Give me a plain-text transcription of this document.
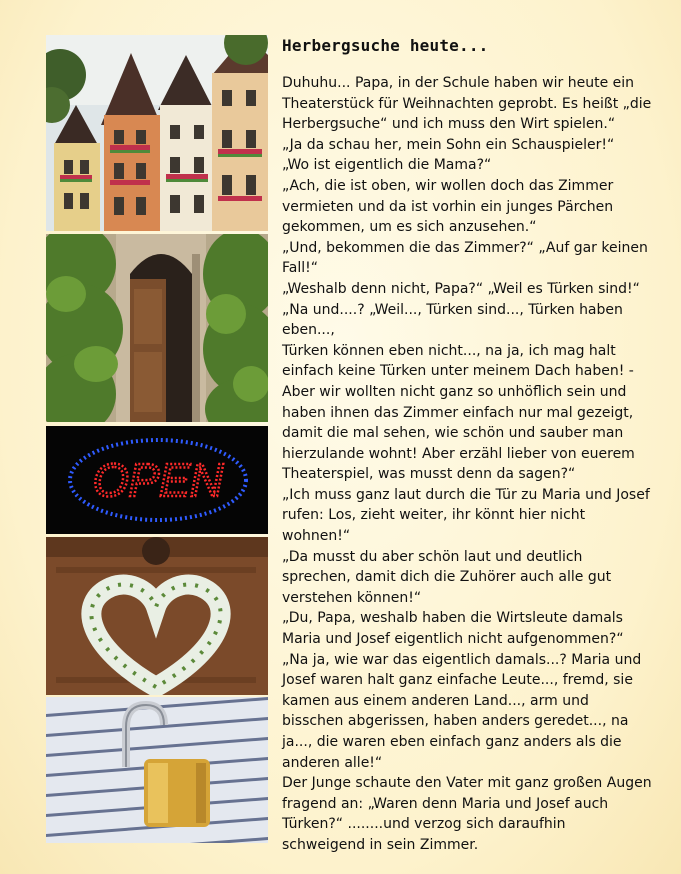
OPEN
Herbergsuche heute...

Duhuhu... Papa, in der Schule haben wir heute ein Theaterstück für Weihnachten geprobt. Es heißt „die Herbergsuche“ und ich muss den Wirt spielen.“

„Ja da schau her, mein Sohn ein Schauspieler!“

„Wo ist eigentlich die Mama?“

„Ach, die ist oben, wir wollen doch das Zimmer vermieten und da ist vorhin ein junges Pärchen gekommen, um es sich anzusehen.“

„Und, bekommen die das Zimmer?“ „Auf gar keinen Fall!“

„Weshalb denn nicht, Papa?“ „Weil es Türken sind!“

„Na und....? „Weil..., Türken sind..., Türken haben eben...,

Türken können eben nicht..., na ja, ich mag halt einfach keine Türken unter meinem Dach haben! - Aber wir wollten nicht ganz so unhöflich sein und haben ihnen das Zimmer einfach nur mal gezeigt, damit die mal sehen, wie schön und sauber man hierzulande wohnt! Aber erzähl lieber von euerem Theaterspiel, was musst denn da sagen?“

„Ich muss ganz laut durch die Tür zu Maria und Josef rufen: Los, zieht weiter, ihr könnt hier nicht wohnen!“

„Da musst du aber schön laut und deutlich sprechen, damit dich die Zuhörer auch alle gut verstehen können!“

„Du, Papa, weshalb haben die Wirtsleute damals Maria und Josef eigentlich nicht aufgenommen?“

„Na ja, wie war das eigentlich damals...? Maria und Josef waren halt ganz einfache Leute..., fremd, sie kamen aus einem anderen Land..., arm und bisschen abgerissen, haben anders geredet..., na ja..., die waren eben einfach ganz anders als die anderen alle!“

Der Junge schaute den Vater mit ganz großen Augen fragend an: „Waren denn Maria und Josef auch Türken?“ ........und verzog sich daraufhin schweigend in sein Zimmer.
